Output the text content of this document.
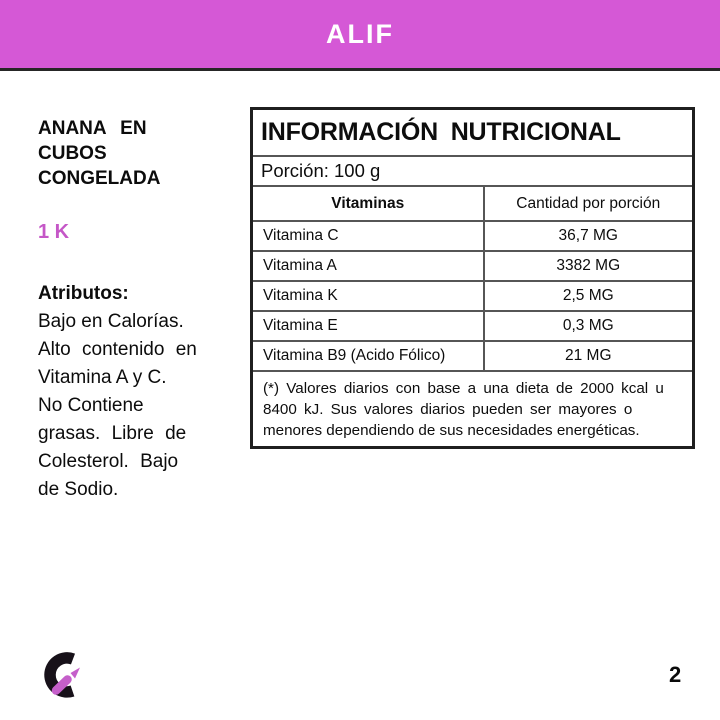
ALIF
ANANA EN
CUBOS
CONGELADA
1 K
Atributos:
Bajo en Calorías.
Alto contenido en
Vitamina A y C.
No Contiene
grasas. Libre de
Colesterol. Bajo
de Sodio.
INFORMACIÓN NUTRICIONAL	
Porción: 100 g	
Vitaminas	Cantidad por porción
Vitamina C	36,7 MG
Vitamina A	3382 MG
Vitamina K	2,5 MG
Vitamina E	0,3 MG
Vitamina B9 (Acido Fólico)	21 MG

(*) Valores diarios con base a una dieta de 2000 kcal u
8400 kJ. Sus valores diarios pueden ser mayores o
menores dependiendo de sus necesidades energéticas.	
2
